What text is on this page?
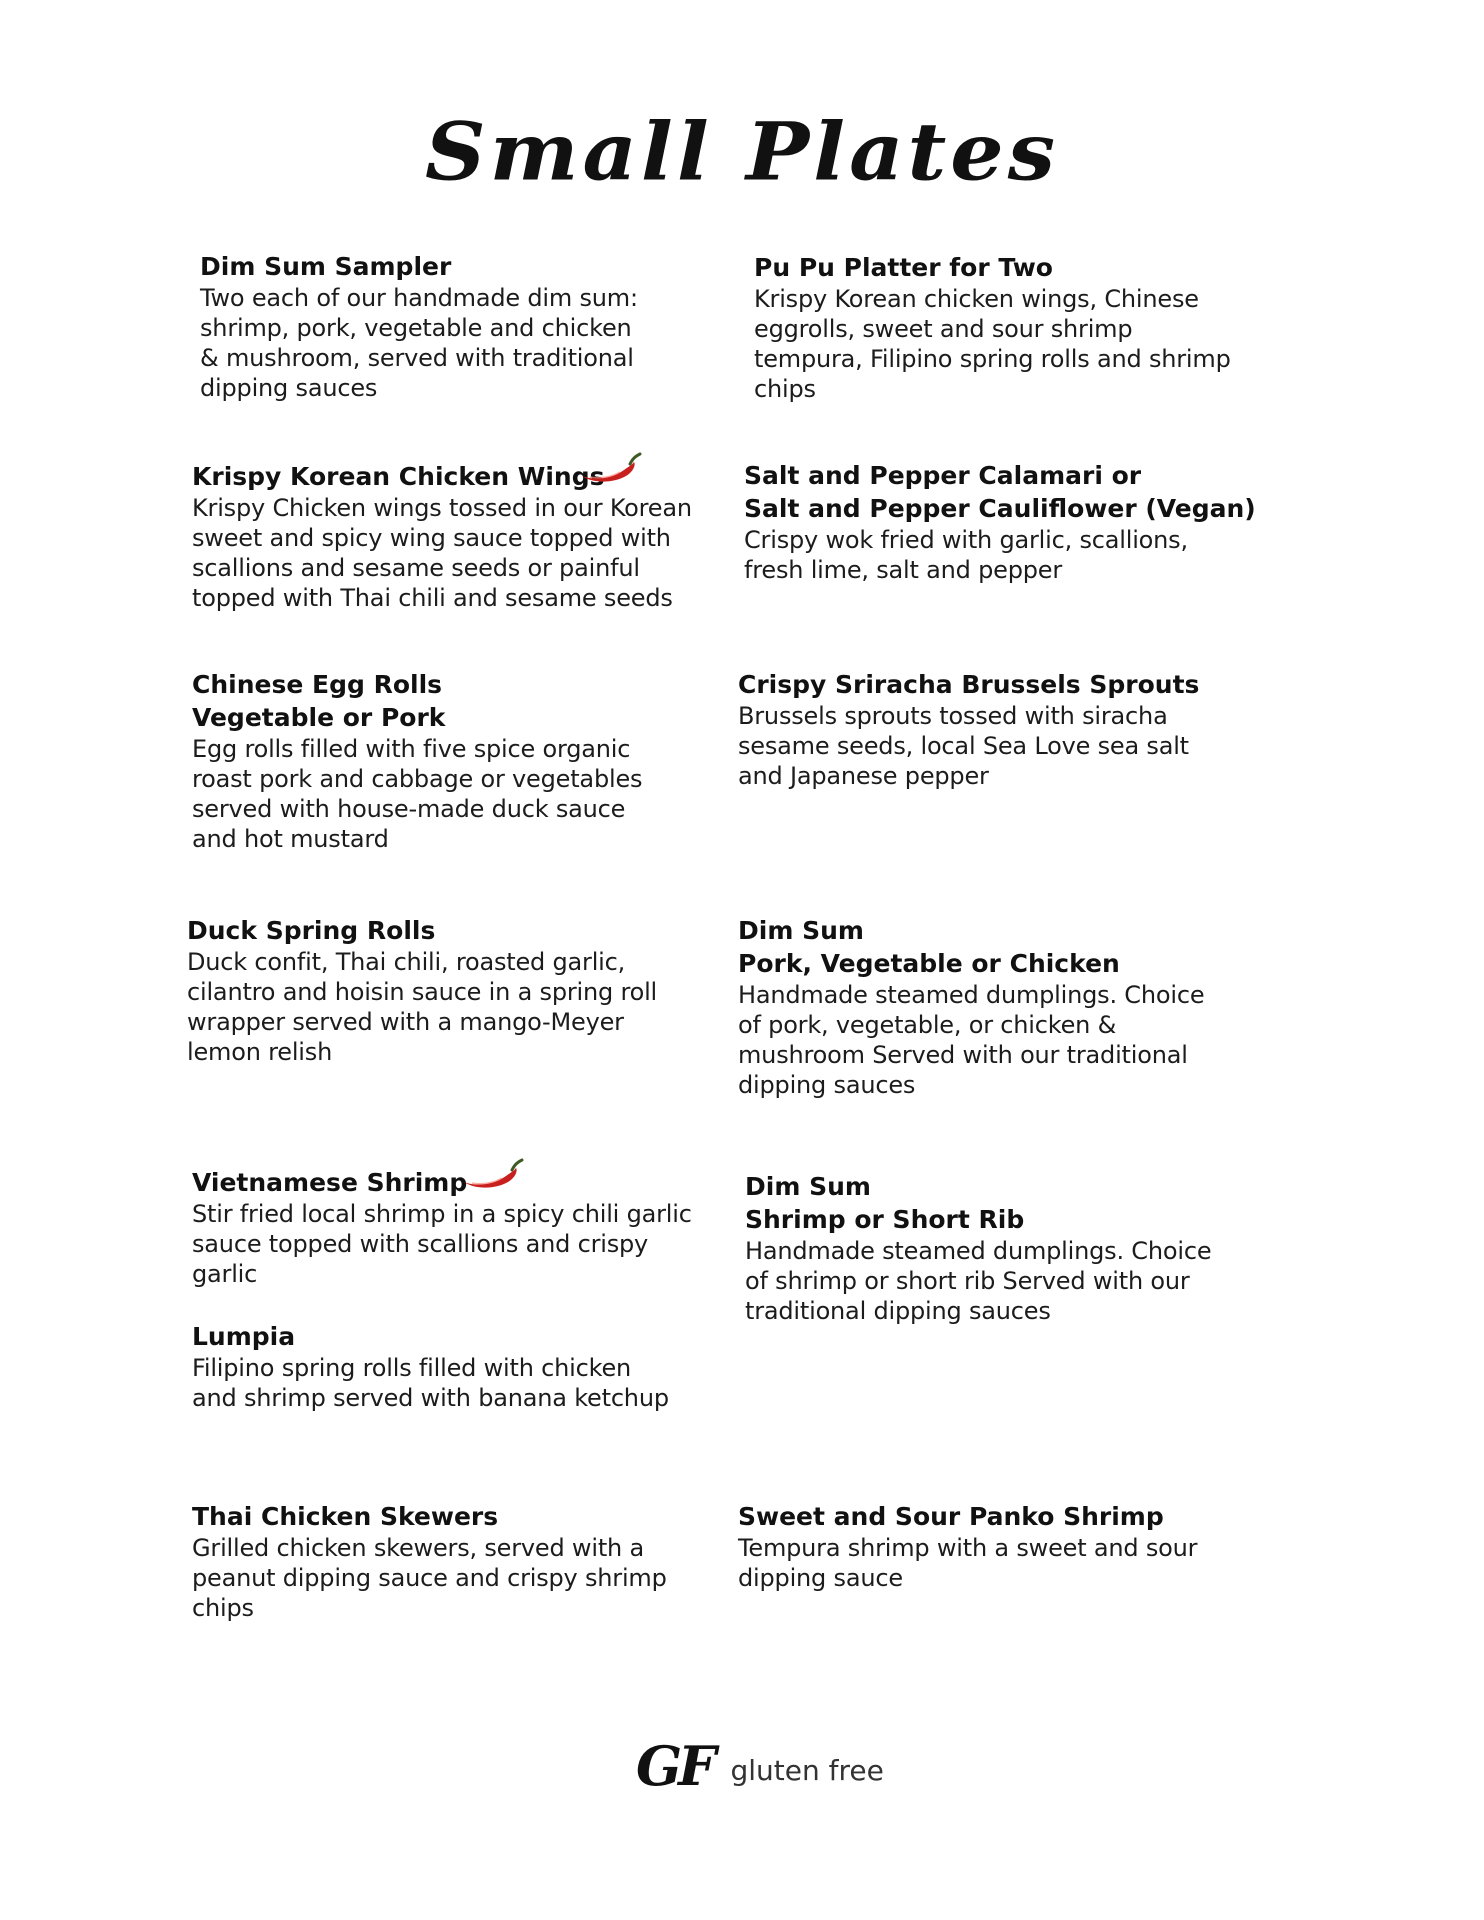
Small Plates
Dim Sum Sampler
Two each of our handmade dim sum:
shrimp, pork, vegetable and chicken
& mushroom, served with traditional
dipping sauces
Krispy Korean Chicken Wings
Krispy Chicken wings tossed in our Korean
sweet and spicy wing sauce topped with
scallions and sesame seeds or painful
topped with Thai chili and sesame seeds
Chinese Egg Rolls
Vegetable or Pork
Egg rolls filled with five spice organic
roast pork and cabbage or vegetables
served with house-made duck sauce
and hot mustard
Duck Spring Rolls
Duck confit, Thai chili, roasted garlic,
cilantro and hoisin sauce in a spring roll
wrapper served with a mango-Meyer
lemon relish
Vietnamese Shrimp
Stir fried local shrimp in a spicy chili garlic
sauce topped with scallions and crispy
garlic
Lumpia
Filipino spring rolls filled with chicken
and shrimp served with banana ketchup
Thai Chicken Skewers
Grilled chicken skewers, served with a
peanut dipping sauce and crispy shrimp
chips
Pu Pu Platter for Two
Krispy Korean chicken wings, Chinese
eggrolls, sweet and sour shrimp
tempura, Filipino spring rolls and shrimp
chips
Salt and Pepper Calamari or
Salt and Pepper Cauliflower (Vegan)
Crispy wok fried with garlic, scallions,
fresh lime, salt and pepper
Crispy Sriracha Brussels Sprouts
Brussels sprouts tossed with siracha
sesame seeds, local Sea Love sea salt
and Japanese pepper
Dim Sum
Pork, Vegetable or Chicken
Handmade steamed dumplings. Choice
of pork, vegetable, or chicken &
mushroom Served with our traditional
dipping sauces
Dim Sum
Shrimp or Short Rib
Handmade steamed dumplings. Choice
of shrimp or short rib Served with our
traditional dipping sauces
Sweet and Sour Panko Shrimp
Tempura shrimp with a sweet and sour
dipping sauce
GF gluten free
